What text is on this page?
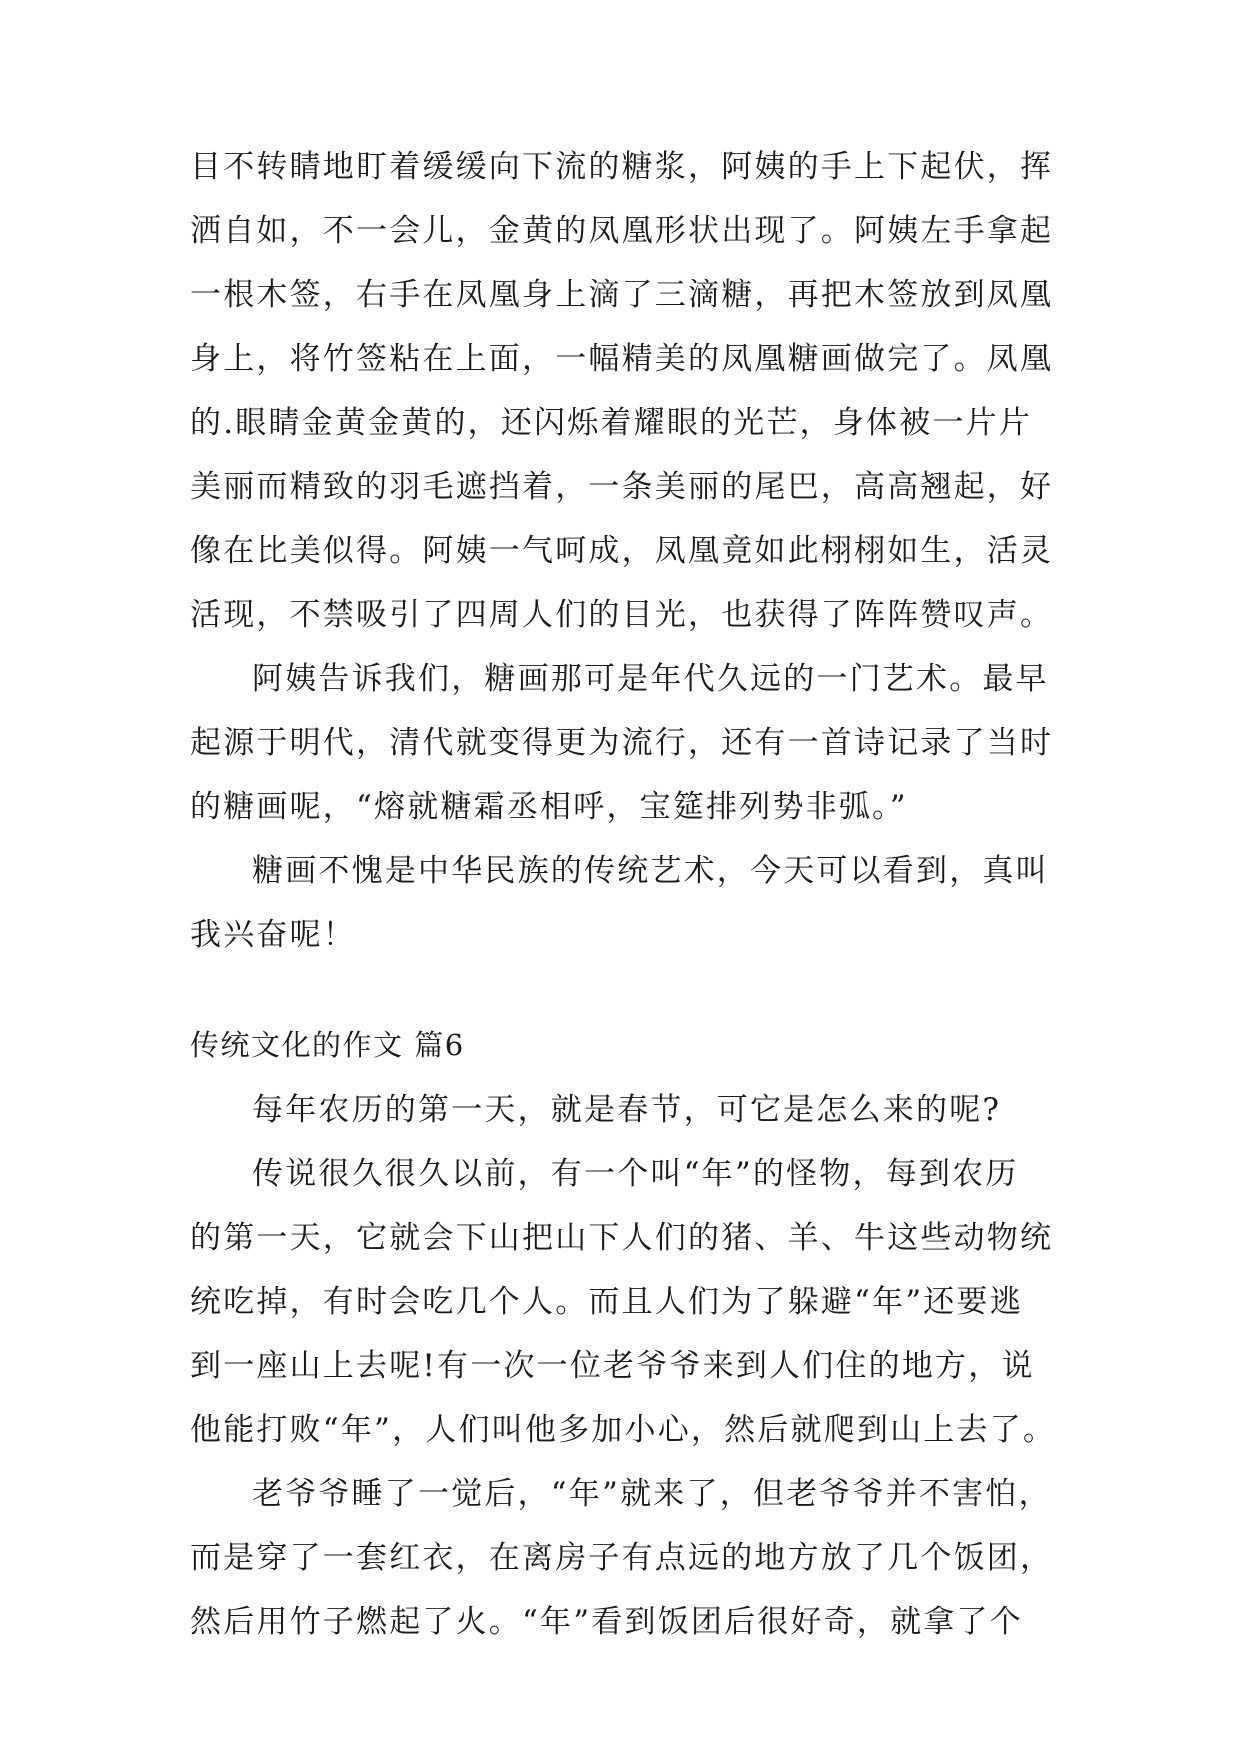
目不转睛地盯着缓缓向下流的糖浆，阿姨的手上下起伏，挥

洒自如，不一会儿，金黄的凤凰形状出现了。阿姨左手拿起

一根木签，右手在凤凰身上滴了三滴糖，再把木签放到凤凰

身上，将竹签粘在上面，一幅精美的凤凰糖画做完了。凤凰

的.眼睛金黄金黄的，还闪烁着耀眼的光芒，身体被一片片

美丽而精致的羽毛遮挡着，一条美丽的尾巴，高高翘起，好

像在比美似得。阿姨一气呵成，凤凰竟如此栩栩如生，活灵

活现，不禁吸引了四周人们的目光，也获得了阵阵赞叹声。

阿姨告诉我们，糖画那可是年代久远的一门艺术。最早

起源于明代，清代就变得更为流行，还有一首诗记录了当时

的糖画呢，“熔就糖霜丞相呼，宝筵排列势非弧。”

糖画不愧是中华民族的传统艺术，今天可以看到，真叫

我兴奋呢！

传统文化的作文 篇6

每年农历的第一天，就是春节，可它是怎么来的呢?

传说很久很久以前，有一个叫“年”的怪物，每到农历

的第一天，它就会下山把山下人们的猪、羊、牛这些动物统

统吃掉，有时会吃几个人。而且人们为了躲避“年”还要逃

到一座山上去呢!有一次一位老爷爷来到人们住的地方，说

他能打败“年”，人们叫他多加小心，然后就爬到山上去了。

老爷爷睡了一觉后，“年”就来了，但老爷爷并不害怕，

而是穿了一套红衣，在离房子有点远的地方放了几个饭团，

然后用竹子燃起了火。“年”看到饭团后很好奇，就拿了个
